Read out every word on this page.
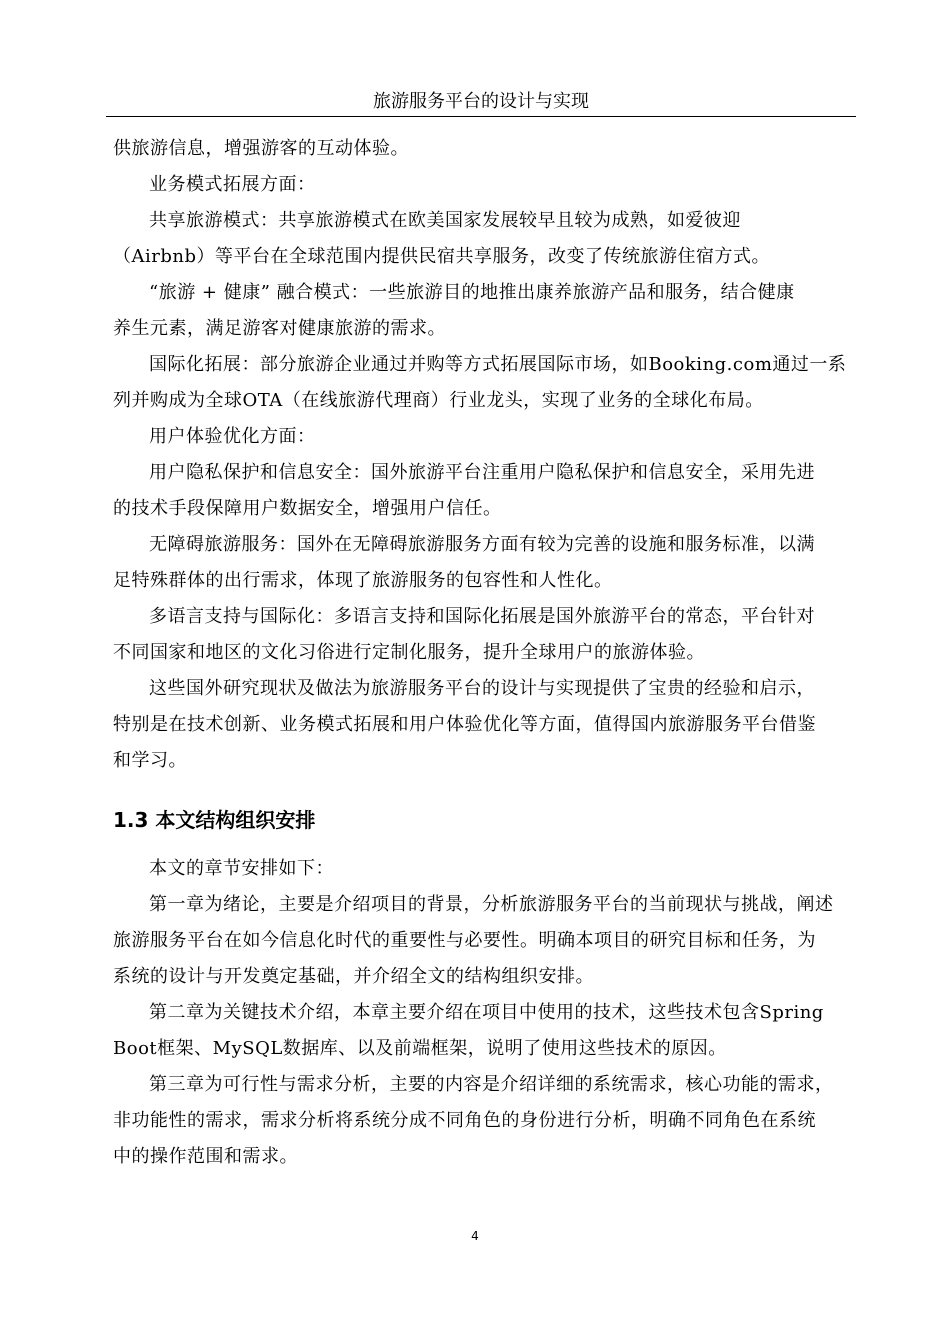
旅游服务平台的设计与实现
供旅游信息，增强游客的互动体验。
业务模式拓展方面：
共享旅游模式：共享旅游模式在欧美国家发展较早且较为成熟，如爱彼迎
（Airbnb）等平台在全球范围内提供民宿共享服务，改变了传统旅游住宿方式。
“旅游 + 健康” 融合模式：一些旅游目的地推出康养旅游产品和服务，结合健康
养生元素，满足游客对健康旅游的需求。
国际化拓展：部分旅游企业通过并购等方式拓展国际市场，如Booking.com通过一系
列并购成为全球OTA（在线旅游代理商）行业龙头，实现了业务的全球化布局。
用户体验优化方面：
用户隐私保护和信息安全：国外旅游平台注重用户隐私保护和信息安全，采用先进
的技术手段保障用户数据安全，增强用户信任。
无障碍旅游服务：国外在无障碍旅游服务方面有较为完善的设施和服务标准，以满
足特殊群体的出行需求，体现了旅游服务的包容性和人性化。
多语言支持与国际化：多语言支持和国际化拓展是国外旅游平台的常态，平台针对
不同国家和地区的文化习俗进行定制化服务，提升全球用户的旅游体验。
这些国外研究现状及做法为旅游服务平台的设计与实现提供了宝贵的经验和启示，
特别是在技术创新、业务模式拓展和用户体验优化等方面，值得国内旅游服务平台借鉴
和学习。
1.3 本文结构组织安排
本文的章节安排如下：
第一章为绪论，主要是介绍项目的背景，分析旅游服务平台的当前现状与挑战，阐述
旅游服务平台在如今信息化时代的重要性与必要性。明确本项目的研究目标和任务，为
系统的设计与开发奠定基础，并介绍全文的结构组织安排。
第二章为关键技术介绍，本章主要介绍在项目中使用的技术，这些技术包含Spring
Boot框架、MySQL数据库、以及前端框架，说明了使用这些技术的原因。
第三章为可行性与需求分析，主要的内容是介绍详细的系统需求，核心功能的需求，
非功能性的需求，需求分析将系统分成不同角色的身份进行分析，明确不同角色在系统
中的操作范围和需求。
4
